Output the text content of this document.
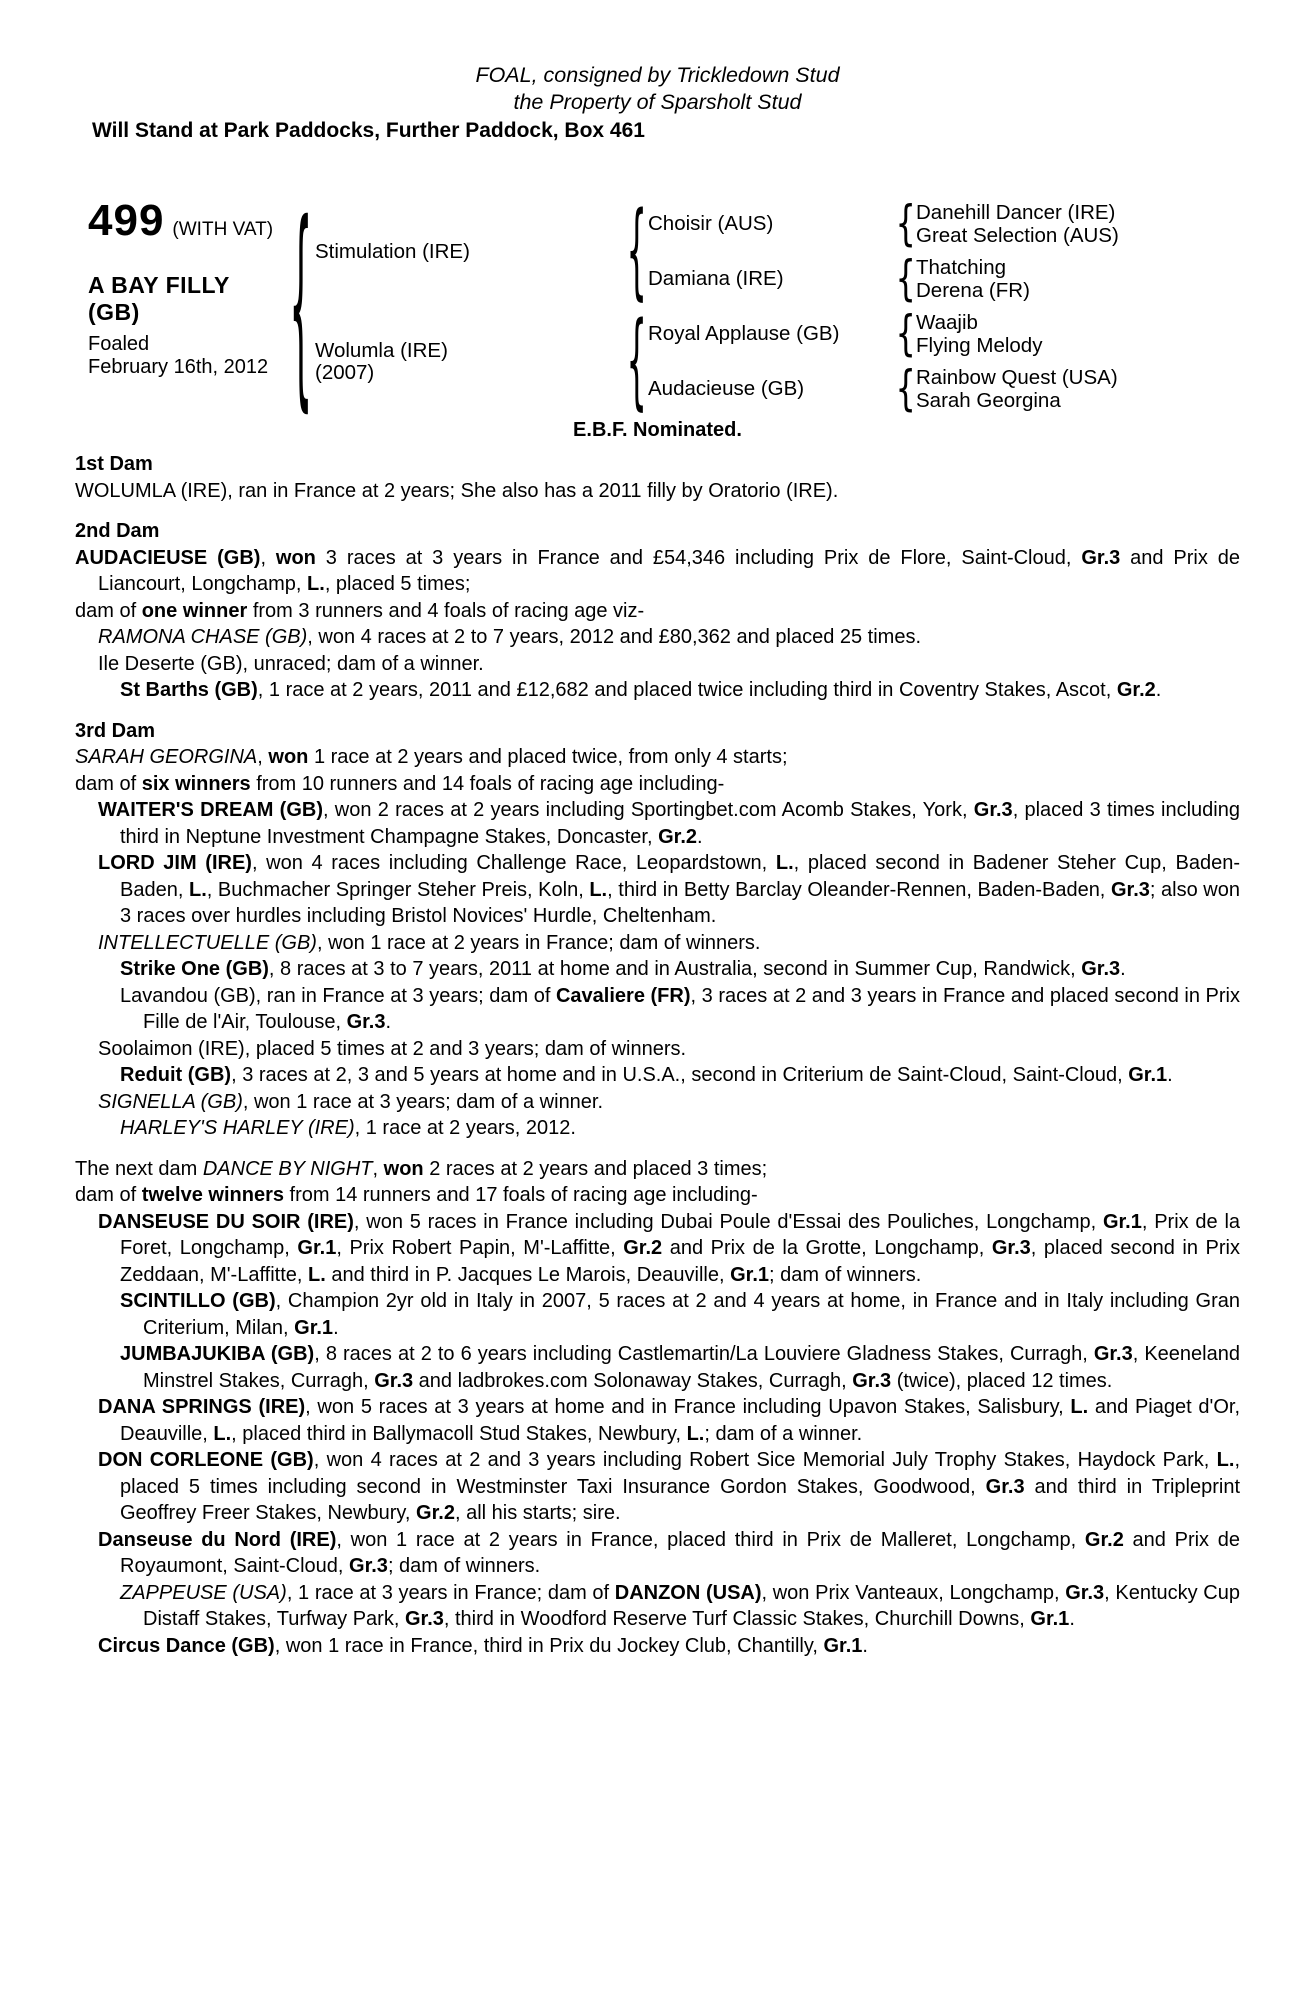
FOAL, consigned by Trickledown Stud
the Property of Sparsholt Stud
Will Stand at Park Paddocks, Further Paddock, Box 461
499 (WITH VAT)
A BAY FILLY (GB)
Foaled
February 16th, 2012 { Stimulation (IRE)
Wolumla (IRE)
(2007)
{
{
Choisir (AUS)
Damiana (IRE)
Royal Applause (GB)
Audacieuse (GB)
{
{
{
{
Danehill Dancer (IRE)
Great Selection (AUS)
Thatching
Derena (FR)
Waajib
Flying Melody
Rainbow Quest (USA)
Sarah Georgina
E.B.F. Nominated.
1st Dam
WOLUMLA (IRE), ran in France at 2 years; She also has a 2011 filly by Oratorio (IRE).
2nd Dam
AUDACIEUSE (GB), won 3 races at 3 years in France and £54,346 including Prix de Flore, Saint-Cloud, Gr.3 and Prix de Liancourt, Longchamp, L., placed 5 times;
dam of one winner from 3 runners and 4 foals of racing age viz-
RAMONA CHASE (GB), won 4 races at 2 to 7 years, 2012 and £80,362 and placed 25 times.
Ile Deserte (GB), unraced; dam of a winner.
St Barths (GB), 1 race at 2 years, 2011 and £12,682 and placed twice including third in Coventry Stakes, Ascot, Gr.2.
3rd Dam
SARAH GEORGINA, won 1 race at 2 years and placed twice, from only 4 starts;
dam of six winners from 10 runners and 14 foals of racing age including-
WAITER'S DREAM (GB), won 2 races at 2 years including Sportingbet.com Acomb Stakes, York, Gr.3, placed 3 times including third in Neptune Investment Champagne Stakes, Doncaster, Gr.2.
LORD JIM (IRE), won 4 races including Challenge Race, Leopardstown, L., placed second in Badener Steher Cup, Baden-Baden, L., Buchmacher Springer Steher Preis, Koln, L., third in Betty Barclay Oleander-Rennen, Baden-Baden, Gr.3; also won 3 races over hurdles including Bristol Novices' Hurdle, Cheltenham.
INTELLECTUELLE (GB), won 1 race at 2 years in France; dam of winners.
Strike One (GB), 8 races at 3 to 7 years, 2011 at home and in Australia, second in Summer Cup, Randwick, Gr.3.
Lavandou (GB), ran in France at 3 years; dam of Cavaliere (FR), 3 races at 2 and 3 years in France and placed second in Prix Fille de l'Air, Toulouse, Gr.3.
Soolaimon (IRE), placed 5 times at 2 and 3 years; dam of winners.
Reduit (GB), 3 races at 2, 3 and 5 years at home and in U.S.A., second in Criterium de Saint-Cloud, Saint-Cloud, Gr.1.
SIGNELLA (GB), won 1 race at 3 years; dam of a winner.
HARLEY'S HARLEY (IRE), 1 race at 2 years, 2012.
The next dam DANCE BY NIGHT, won 2 races at 2 years and placed 3 times;
dam of twelve winners from 14 runners and 17 foals of racing age including-
DANSEUSE DU SOIR (IRE), won 5 races in France including Dubai Poule d'Essai des Pouliches, Longchamp, Gr.1, Prix de la Foret, Longchamp, Gr.1, Prix Robert Papin, M'-Laffitte, Gr.2 and Prix de la Grotte, Longchamp, Gr.3, placed second in Prix Zeddaan, M'-Laffitte, L. and third in P. Jacques Le Marois, Deauville, Gr.1; dam of winners.
SCINTILLO (GB), Champion 2yr old in Italy in 2007, 5 races at 2 and 4 years at home, in France and in Italy including Gran Criterium, Milan, Gr.1.
JUMBAJUKIBA (GB), 8 races at 2 to 6 years including Castlemartin/La Louviere Gladness Stakes, Curragh, Gr.3, Keeneland Minstrel Stakes, Curragh, Gr.3 and ladbrokes.com Solonaway Stakes, Curragh, Gr.3 (twice), placed 12 times.
DANA SPRINGS (IRE), won 5 races at 3 years at home and in France including Upavon Stakes, Salisbury, L. and Piaget d'Or, Deauville, L., placed third in Ballymacoll Stud Stakes, Newbury, L.; dam of a winner.
DON CORLEONE (GB), won 4 races at 2 and 3 years including Robert Sice Memorial July Trophy Stakes, Haydock Park, L., placed 5 times including second in Westminster Taxi Insurance Gordon Stakes, Goodwood, Gr.3 and third in Tripleprint Geoffrey Freer Stakes, Newbury, Gr.2, all his starts; sire.
Danseuse du Nord (IRE), won 1 race at 2 years in France, placed third in Prix de Malleret, Longchamp, Gr.2 and Prix de Royaumont, Saint-Cloud, Gr.3; dam of winners.
ZAPPEUSE (USA), 1 race at 3 years in France; dam of DANZON (USA), won Prix Vanteaux, Longchamp, Gr.3, Kentucky Cup Distaff Stakes, Turfway Park, Gr.3, third in Woodford Reserve Turf Classic Stakes, Churchill Downs, Gr.1.
Circus Dance (GB), won 1 race in France, third in Prix du Jockey Club, Chantilly, Gr.1.
